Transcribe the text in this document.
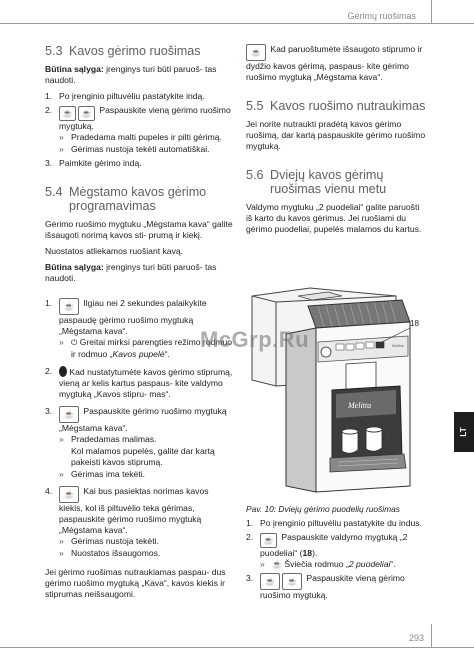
Gėrimų ruošimas
5.3 Kavos gėrimo ruošimas

Būtina sąlyga: įrenginys turi būti paruoš- tas naudoti.

1. Po įrenginio piltuvėliu pastatykite indą.
2. ☕ ☕ Paspauskite vieną gėrimo ruošimo mygtuką.
» Pradedama malti pupeles ir pilti gėrimą.
» Gėrimas nustoja tekėti automatiškai.
3. Paimkite gėrimo indą.
5.4 Mėgstamo kavos gėrimo programavimas

Gėrimo ruošimo mygtuku „Mėgstama kava“ galite išsaugoti norimą kavos sti- prumą ir kiekį.

Nuostatos atliekamos ruošiant kavą.

Būtina sąlyga: įrenginys turi būti paruoš- tas naudoti.

1. ☕ Ilgiau nei 2 sekundes palaikykite paspaudę gėrimo ruošimo mygtuką „Mėgstama kava“.
» ⏻ Greitai mirksi parengties režimo rodmuo ir rodmuo „Kavos pupelė“.
2. Kad nustatytumėte kavos gėrimo stiprumą, vieną ar kelis kartus paspaus- kite valdymo mygtuką „Kavos stipru- mas“.
3. ☕ Paspauskite gėrimo ruošimo mygtuką „Mėgstama kava“.
» Pradedamas malimas.

Kol malamos pupelės, galite dar kartą pakeisti kavos stiprumą.
» Gėrimas ima tekėti.
4. ☕ Kai bus pasiektas norimas kavos kiekis, kol iš piltuvėlio teka gėrimas, paspauskite gėrimo ruošimo mygtuką „Mėgstama kava“.
» Gėrimas nustoja tekėti.
» Nuostatos išsaugomos.

Jei gėrimo ruošimas nutraukiamas paspau- dus gėrimo ruošimo mygtuką „Kava“, kavos kiekis ir stiprumas neišsaugomi.

☕ Kad paruoštumėte išsaugoto stiprumo ir dydžio kavos gėrimą, paspaus- kite gėrimo ruošimo mygtuką „Mėgstama kava“.

5.5 Kavos ruošimo nutraukimas

Jei norite nutraukti pradėtą kavos gėrimo ruošimą, dar kartą paspauskite gėrimo ruošimo mygtuką.

5.6 Dviejų kavos gėrimų ruošimas vienu metu

Valdymo mygtuku „2 puodeliai“ galite paruošti iš karto du kavos gėrimus. Jei ruošiami du gėrimo puodeliai, pupelės malamos du kartus.

Melitta
Melitta
18
Pav. 10: Dviejų gėrimo puodelių ruošimas
1. Po įrenginio piltuvėliu pastatykite du indus.
2. ☕ Paspauskite valdymo mygtuką „2 puodeliai“ (18).
» ☕ Šviečia rodmuo „2 puodeliai“.
3. ☕ ☕ Paspauskite vieną gėrimo ruošimo mygtuką.
LT
McGrp.Ru
293
